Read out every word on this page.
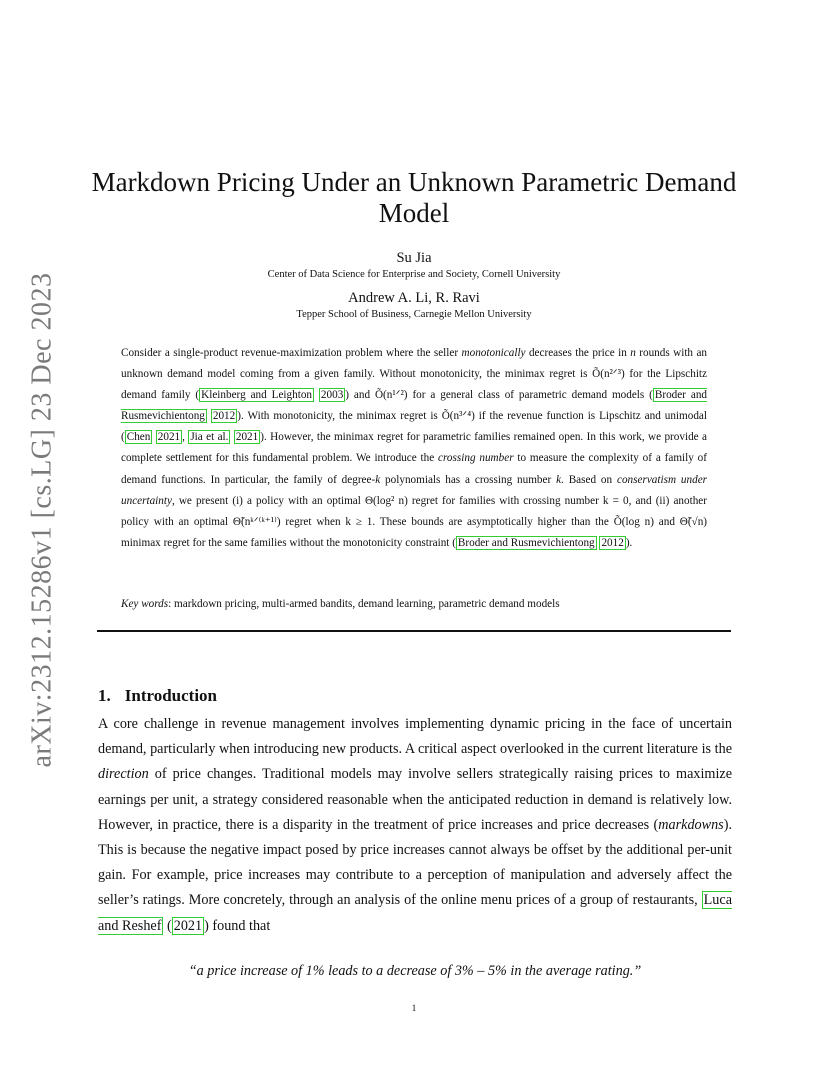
arXiv:2312.15286v1 [cs.LG] 23 Dec 2023
Markdown Pricing Under an Unknown Parametric Demand Model
Su Jia
Center of Data Science for Enterprise and Society, Cornell University
Andrew A. Li, R. Ravi
Tepper School of Business, Carnegie Mellon University

Consider a single-product revenue-maximization problem where the seller monotonically decreases the price in n rounds with an unknown demand model coming from a given family. Without monotonicity, the minimax regret is Õ(n²ᐟ³) for the Lipschitz demand family ( Kleinberg and Leighton 2003 ) and Õ(n¹ᐟ²) for a general class of parametric demand models ( Broder and Rusmevichientong 2012 ). With monotonicity, the minimax regret is Õ(n³ᐟ⁴) if the revenue function is Lipschitz and unimodal ( Chen 2021 , Jia et al. 2021 ). However, the minimax regret for parametric families remained open. In this work, we provide a complete settlement for this fundamental problem. We introduce the crossing number to measure the complexity of a family of demand functions. In particular, the family of degree-k polynomials has a crossing number k. Based on conservatism under uncertainty, we present (i) a policy with an optimal Θ(log² n) regret for families with crossing number k = 0, and (ii) another policy with an optimal Θ̃(nᵏᐟ⁽ᵏ⁺¹⁾) regret when k ≥ 1. These bounds are asymptotically higher than the Õ(log n) and Θ̃(√n) minimax regret for the same families without the monotonicity constraint ( Broder and Rusmevichientong 2012 ).

Key words: markdown pricing, multi-armed bandits, demand learning, parametric demand models

1. Introduction

A core challenge in revenue management involves implementing dynamic pricing in the face of uncertain demand, particularly when introducing new products. A critical aspect overlooked in the current literature is the direction of price changes. Traditional models may involve sellers strategically raising prices to maximize earnings per unit, a strategy considered reasonable when the anticipated reduction in demand is relatively low. However, in practice, there is a disparity in the treatment of price increases and price decreases (markdowns). This is because the negative impact posed by price increases cannot always be offset by the additional per-unit gain. For example, price increases may contribute to a perception of manipulation and adversely affect the seller’s ratings. More concretely, through an analysis of the online menu prices of a group of restaurants, Luca and Reshef ( 2021 ) found that

“a price increase of 1% leads to a decrease of 3% – 5% in the average rating.”
1
